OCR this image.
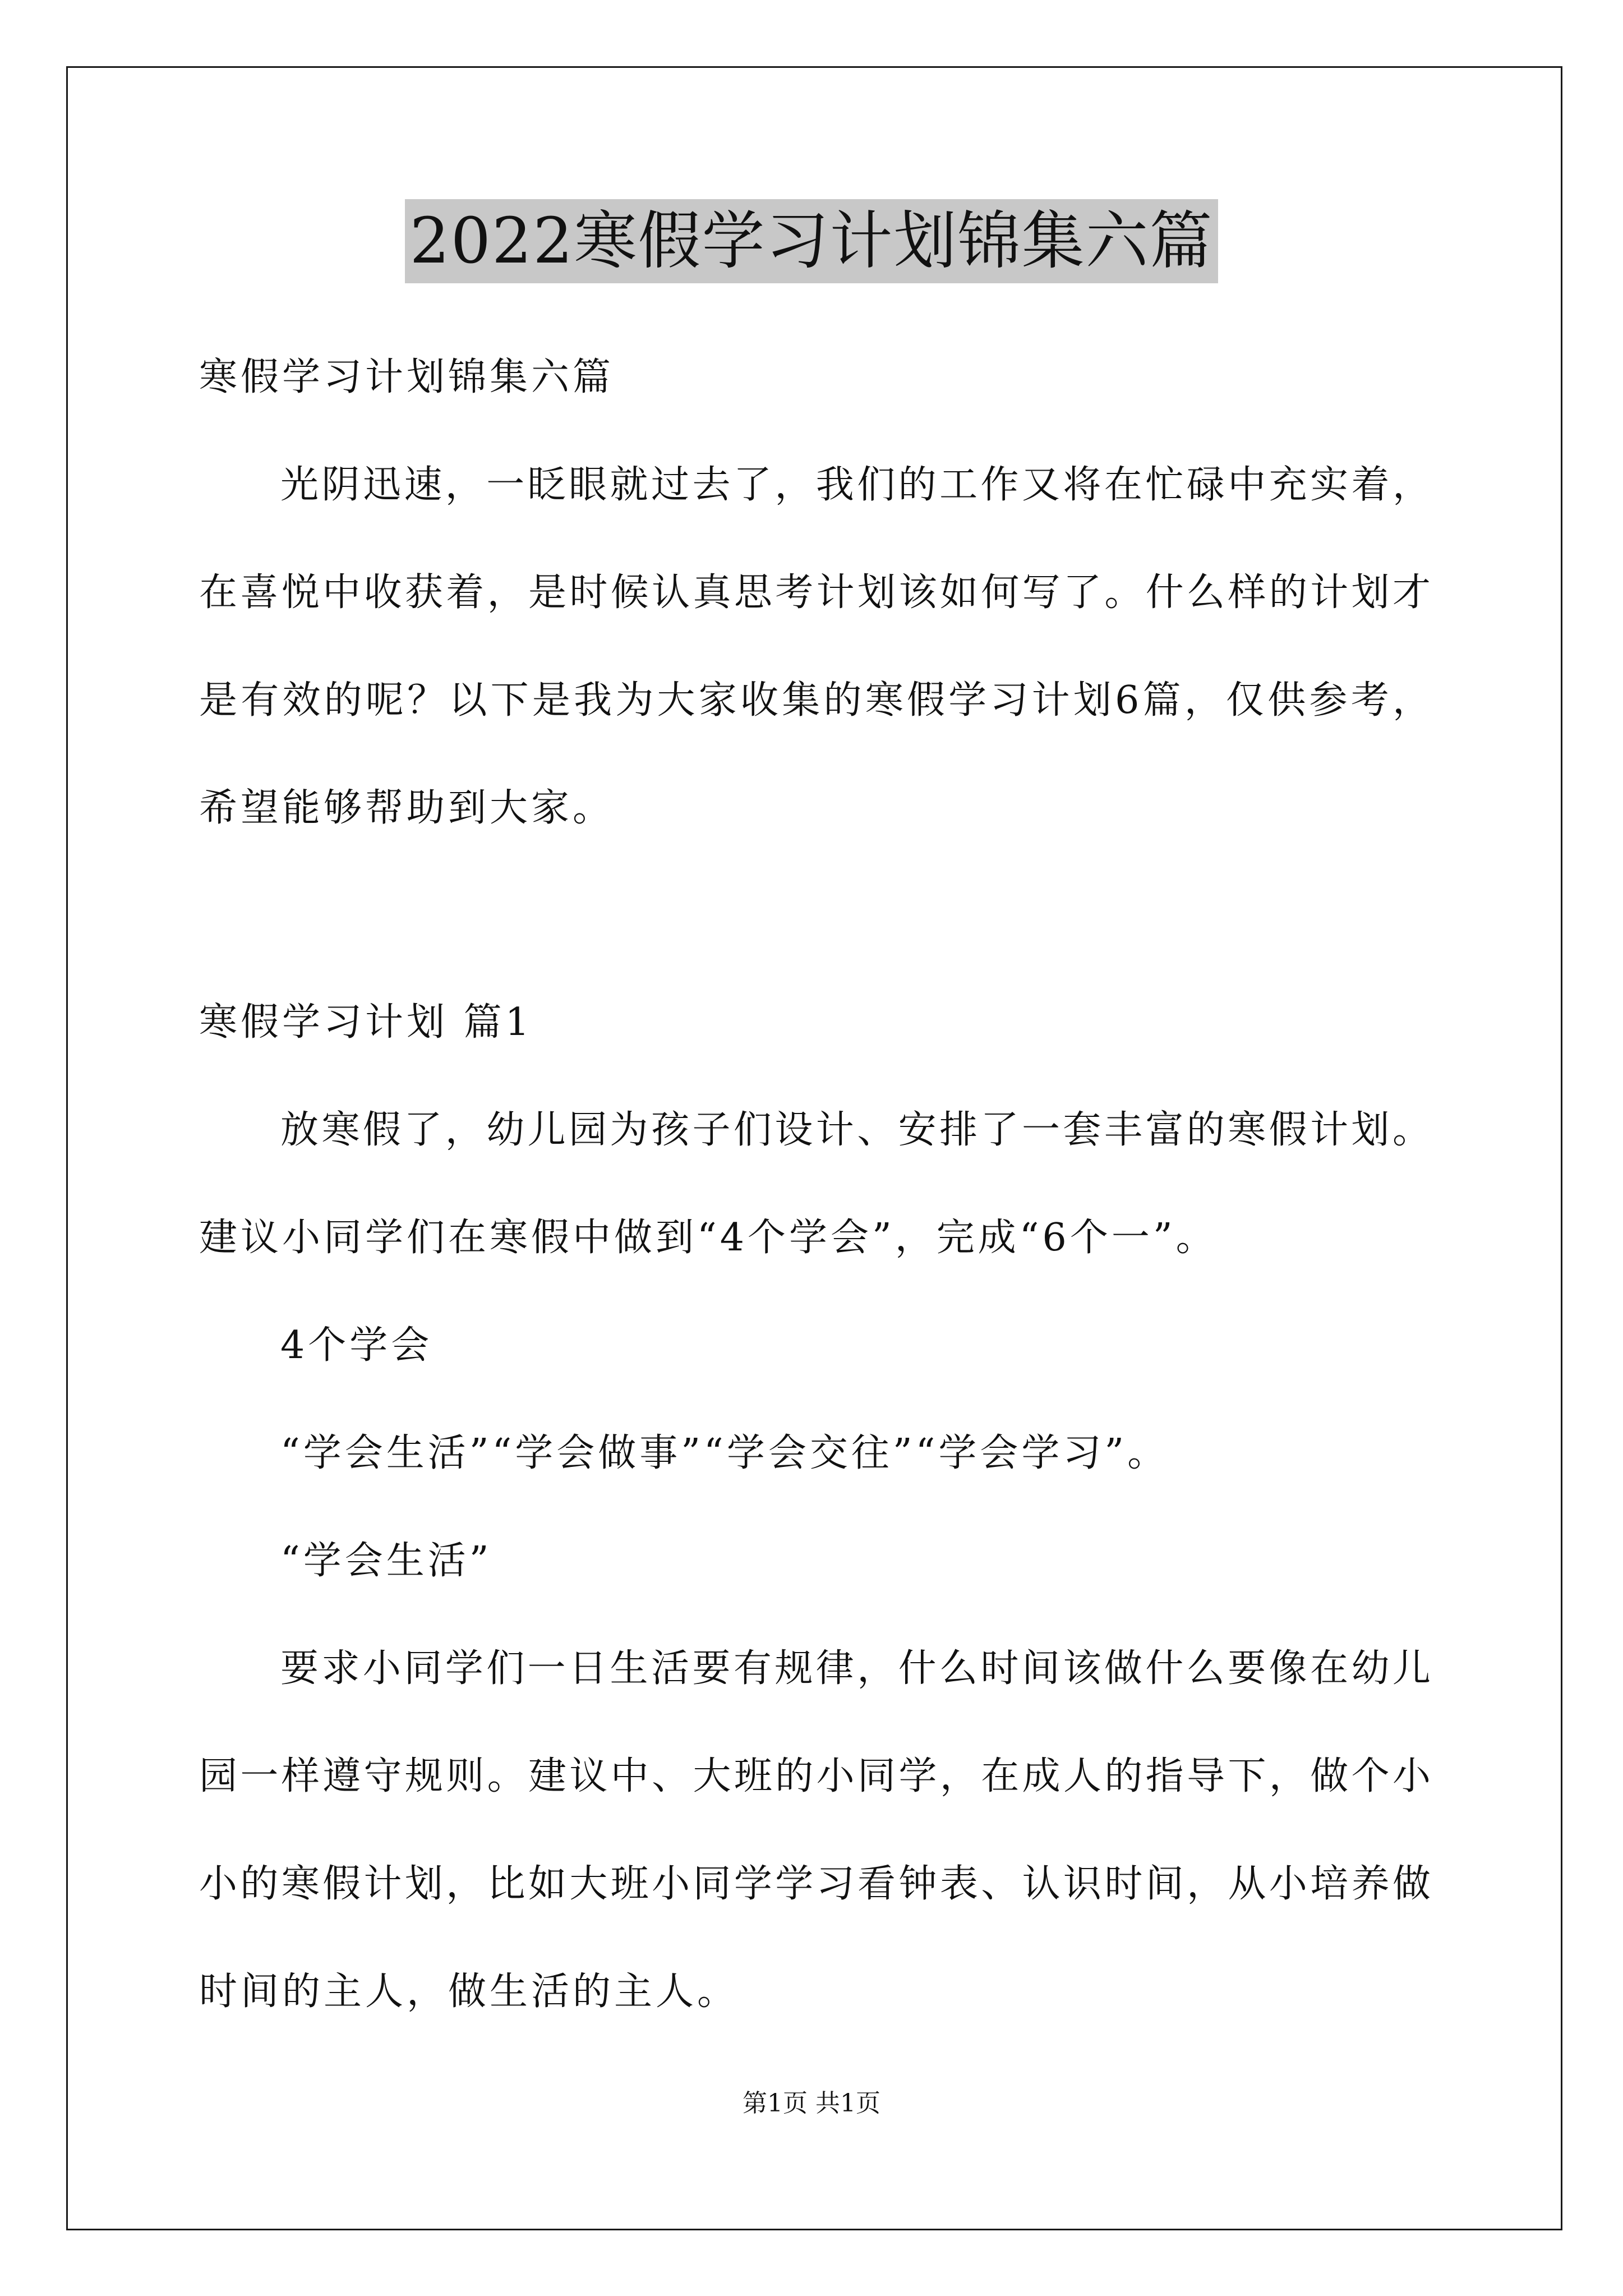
2022寒假学习计划锦集六篇
寒假学习计划锦集六篇
光阴迅速，一眨眼就过去了，我们的工作又将在忙碌中充实着，
在喜悦中收获着，是时候认真思考计划该如何写了。什么样的计划才
是有效的呢？以下是我为大家收集的寒假学习计划6篇，仅供参考，
希望能够帮助到大家。
寒假学习计划 篇1
放寒假了，幼儿园为孩子们设计、安排了一套丰富的寒假计划。
建议小同学们在寒假中做到“4个学会”，完成“6个一”。
4个学会
“学会生活”“学会做事”“学会交往”“学会学习”。
“学会生活”
要求小同学们一日生活要有规律，什么时间该做什么要像在幼儿
园一样遵守规则。建议中、大班的小同学，在成人的指导下，做个小
小的寒假计划，比如大班小同学学习看钟表、认识时间，从小培养做
时间的主人，做生活的主人。
第1页 共1页
